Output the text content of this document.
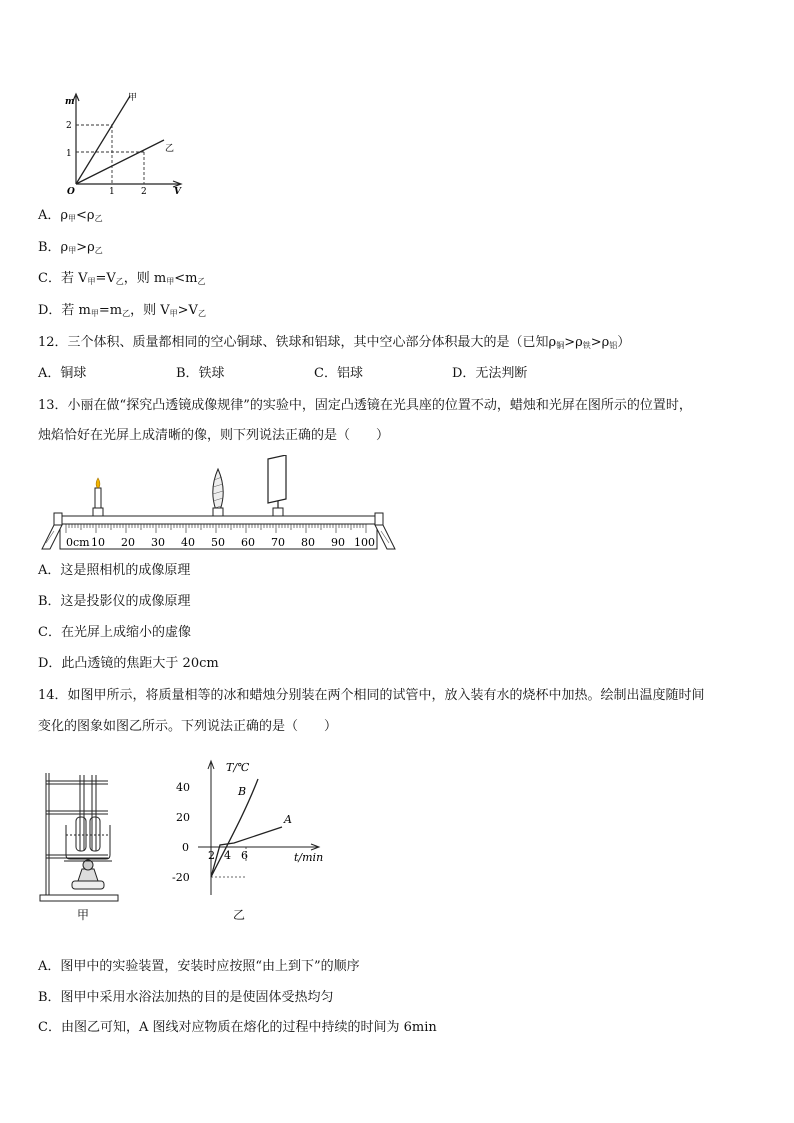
m
V
O
1
2
1	2
甲
乙
A．$\rho_甲<\rho_乙$
B．$\rho_甲>\rho_乙$
C．若 $V_甲=V_乙$，则 $m_甲<m_乙$
D．若 $m_甲=m_乙$，则 $V_甲>V_乙$
12．三个体积、质量都相同的空心铜球、铁球和铝球，其中空心部分体积最大的是（已知$\rho_铜>\rho_铁>\rho_铝$）
A．铜球	B．铁球	C．铝球	D．无法判断
13．小丽在做“探究凸透镜成像规律”的实验中，固定凸透镜在光具座的位置不动，蜡烛和光屏在图所示的位置时，
烛焰恰好在光屏上成清晰的像，则下列说法正确的是（　　）
0cm 10 20 30 40 50 60 70 80 90 100
A．这是照相机的成像原理
B．这是投影仪的成像原理
C．在光屏上成缩小的虚像
D．此凸透镜的焦距大于 20cm
14．如图甲所示，将质量相等的冰和蜡烛分别装在两个相同的试管中，放入装有水的烧杯中加热。绘制出温度随时间
变化的图象如图乙所示。下列说法正确的是（　　）
甲
T/℃
t/min
40
20
0
-20
2 4 6
B
A
乙
A．图甲中的实验装置，安装时应按照“由上到下”的顺序
B．图甲中采用水浴法加热的目的是使固体受热均匀
C．由图乙可知，A 图线对应物质在熔化的过程中持续的时间为 6min
